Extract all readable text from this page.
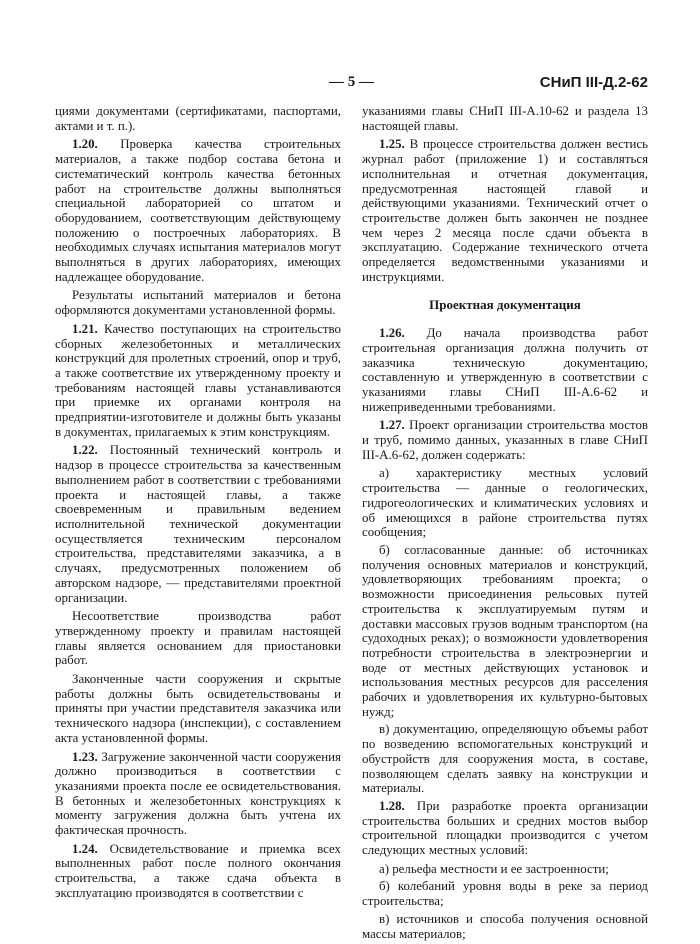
— 5 —	СНиП III-Д.2-62

циями документами (сертификатами, паспортами, актами и т. п.).

1.20. Проверка качества строительных материалов, а также подбор состава бетона и систематический контроль качества бетонных работ на строительстве должны выполняться специальной лабораторией со штатом и оборудованием, соответствующим действующему положению о построечных лабораториях. В необходимых случаях испытания материалов могут выполняться в других лабораториях, имеющих надлежащее оборудование.

Результаты испытаний материалов и бетона оформляются документами установленной формы.

1.21. Качество поступающих на строительство сборных железобетонных и металлических конструкций для пролетных строений, опор и труб, а также соответствие их утвержденному проекту и требованиям настоящей главы устанавливаются при приемке их органами контроля на предприятии-изготовителе и должны быть указаны в документах, прилагаемых к этим конструкциям.

1.22. Постоянный технический контроль и надзор в процессе строительства за качественным выполнением работ в соответствии с требованиями проекта и настоящей главы, а также своевременным и правильным ведением исполнительной технической документации осуществляется техническим персоналом строительства, представителями заказчика, а в случаях, предусмотренных положением об авторском надзоре, — представителями проектной организации.

Несоответствие производства работ утвержденному проекту и правилам настоящей главы является основанием для приостановки работ.

Законченные части сооружения и скрытые работы должны быть освидетельствованы и приняты при участии представителя заказчика или технического надзора (инспекции), с составлением акта установленной формы.

1.23. Загружение законченной части сооружения должно производиться в соответствии с указаниями проекта после ее освидетельствования. В бетонных и железобетонных конструкциях к моменту загружения должна быть учтена их фактическая прочность.

1.24. Освидетельствование и приемка всех выполненных работ после полного окончания строительства, а также сдача объекта в эксплуатацию производятся в соответствии с

указаниями главы СНиП III-А.10-62 и раздела 13 настоящей главы.

1.25. В процессе строительства должен вестись журнал работ (приложение 1) и составляться исполнительная и отчетная документация, предусмотренная настоящей главой и действующими указаниями. Технический отчет о строительстве должен быть закончен не позднее чем через 2 месяца после сдачи объекта в эксплуатацию. Содержание технического отчета определяется ведомственными указаниями и инструкциями.

Проектная документация

1.26. До начала производства работ строительная организация должна получить от заказчика техническую документацию, составленную и утвержденную в соответствии с указаниями главы СНиП III-А.6-62 и нижеприведенными требованиями.

1.27. Проект организации строительства мостов и труб, помимо данных, указанных в главе СНиП III-А.6-62, должен содержать:

а) характеристику местных условий строительства — данные о геологических, гидрогеологических и климатических условиях и об имеющихся в районе строительства путях сообщения;

б) согласованные данные: об источниках получения основных материалов и конструкций, удовлетворяющих требованиям проекта; о возможности присоединения рельсовых путей строительства к эксплуатируемым путям и доставки массовых грузов водным транспортом (на судоходных реках); о возможности удовлетворения потребности строительства в электроэнергии и воде от местных действующих установок и использования местных ресурсов для расселения рабочих и удовлетворения их культурно-бытовых нужд;

в) документацию, определяющую объемы работ по возведению вспомогательных конструкций и обустройств для сооружения моста, в составе, позволяющем сделать заявку на конструкции и материалы.

1.28. При разработке проекта организации строительства больших и средних мостов выбор строительной площадки производится с учетом следующих местных условий:

а) рельефа местности и ее застроенности;

б) колебаний уровня воды в реке за период строительства;

в) источников и способа получения основной массы материалов;
